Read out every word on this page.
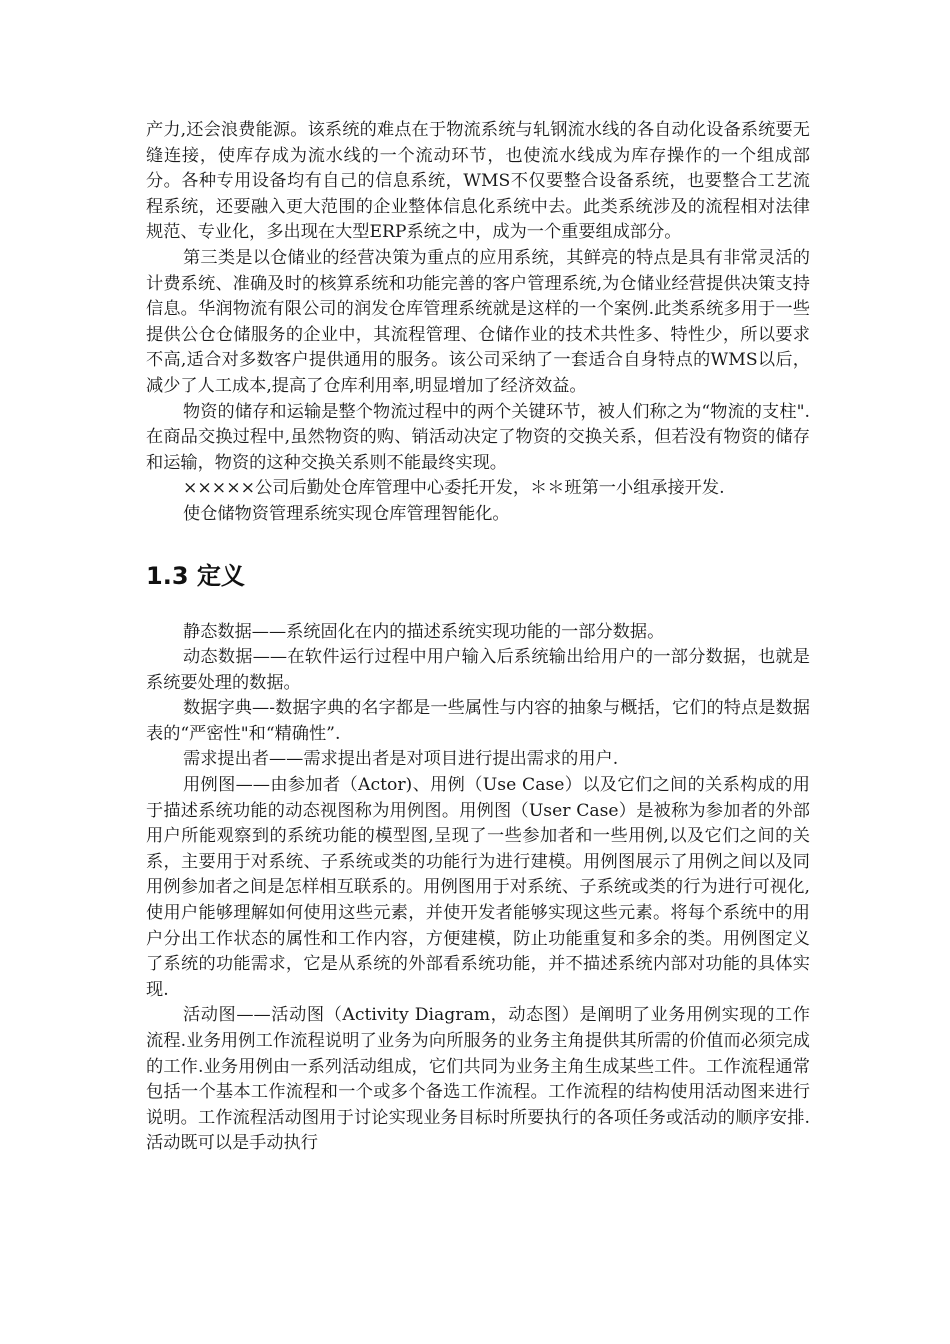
产力,还会浪费能源。该系统的难点在于物流系统与轧钢流水线的各自动化设备系统要无缝连接，使库存成为流水线的一个流动环节，也使流水线成为库存操作的一个组成部分。各种专用设备均有自己的信息系统，WMS不仅要整合设备系统，也要整合工艺流程系统，还要融入更大范围的企业整体信息化系统中去。此类系统涉及的流程相对法律规范、专业化，多出现在大型ERP系统之中，成为一个重要组成部分。

第三类是以仓储业的经营决策为重点的应用系统，其鲜亮的特点是具有非常灵活的计费系统、准确及时的核算系统和功能完善的客户管理系统,为仓储业经营提供决策支持信息。华润物流有限公司的润发仓库管理系统就是这样的一个案例.此类系统多用于一些提供公仓仓储服务的企业中，其流程管理、仓储作业的技术共性多、特性少，所以要求不高,适合对多数客户提供通用的服务。该公司采纳了一套适合自身特点的WMS以后，减少了人工成本,提高了仓库利用率,明显增加了经济效益。

物资的储存和运输是整个物流过程中的两个关键环节，被人们称之为“物流的支柱".在商品交换过程中,虽然物资的购、销活动决定了物资的交换关系，但若没有物资的储存和运输，物资的这种交换关系则不能最终实现。

×××××公司后勤处仓库管理中心委托开发，＊＊班第一小组承接开发.

使仓储物资管理系统实现仓库管理智能化。

1.3 定义

静态数据——系统固化在内的描述系统实现功能的一部分数据。

动态数据——在软件运行过程中用户输入后系统输出给用户的一部分数据，也就是系统要处理的数据。

数据字典—-数据字典的名字都是一些属性与内容的抽象与概括，它们的特点是数据表的“严密性"和“精确性”.

需求提出者——需求提出者是对项目进行提出需求的用户.

用例图——由参加者（Actor)、用例（Use Case）以及它们之间的关系构成的用于描述系统功能的动态视图称为用例图。用例图（User Case）是被称为参加者的外部用户所能观察到的系统功能的模型图,呈现了一些参加者和一些用例,以及它们之间的关系，主要用于对系统、子系统或类的功能行为进行建模。用例图展示了用例之间以及同用例参加者之间是怎样相互联系的。用例图用于对系统、子系统或类的行为进行可视化,使用户能够理解如何使用这些元素，并使开发者能够实现这些元素。将每个系统中的用户分出工作状态的属性和工作内容，方便建模，防止功能重复和多余的类。用例图定义了系统的功能需求，它是从系统的外部看系统功能，并不描述系统内部对功能的具体实现.

活动图——活动图（Activity Diagram，动态图）是阐明了业务用例实现的工作流程.业务用例工作流程说明了业务为向所服务的业务主角提供其所需的价值而必须完成的工作.业务用例由一系列活动组成，它们共同为业务主角生成某些工件。工作流程通常包括一个基本工作流程和一个或多个备选工作流程。工作流程的结构使用活动图来进行说明。工作流程活动图用于讨论实现业务目标时所要执行的各项任务或活动的顺序安排.活动既可以是手动执行
